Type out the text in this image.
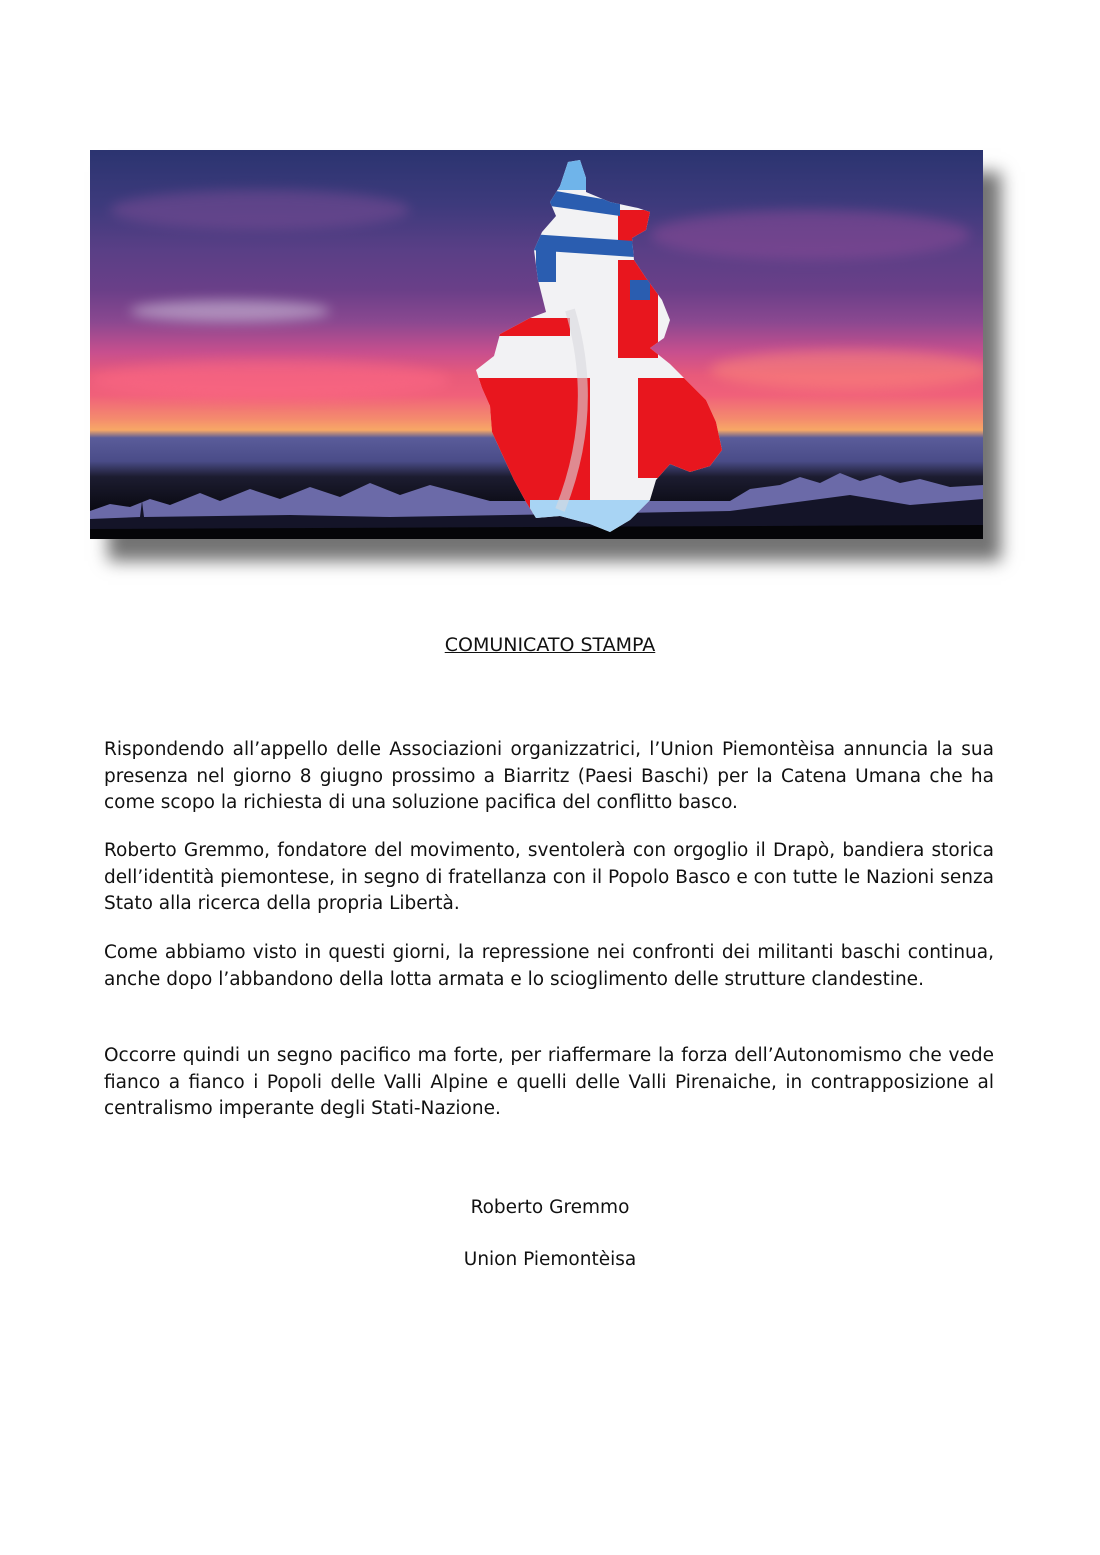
COMUNICATO STAMPA

Rispondendo all’appello delle Associazioni organizzatrici, l’Union Piemontèisa annuncia la sua presenza nel giorno 8 giugno prossimo a Biarritz (Paesi Baschi) per la Catena Umana che ha come scopo la richiesta di una soluzione pacifica del conflitto basco.

Roberto Gremmo, fondatore del movimento, sventolerà con orgoglio il Drapò, bandiera storica dell’identità piemontese, in segno di fratellanza con il Popolo Basco e con tutte le Nazioni senza Stato alla ricerca della propria Libertà.

Come abbiamo visto in questi giorni, la repressione nei confronti dei militanti baschi continua, anche dopo l’abbandono della lotta armata e lo scioglimento delle strutture clandestine.

Occorre quindi un segno pacifico ma forte, per riaffermare la forza dell’Autonomismo che vede fianco a fianco i Popoli delle Valli Alpine e quelli delle Valli Pirenaiche, in contrapposizione al centralismo imperante degli Stati-Nazione.

Roberto Gremmo
Union Piemontèisa
